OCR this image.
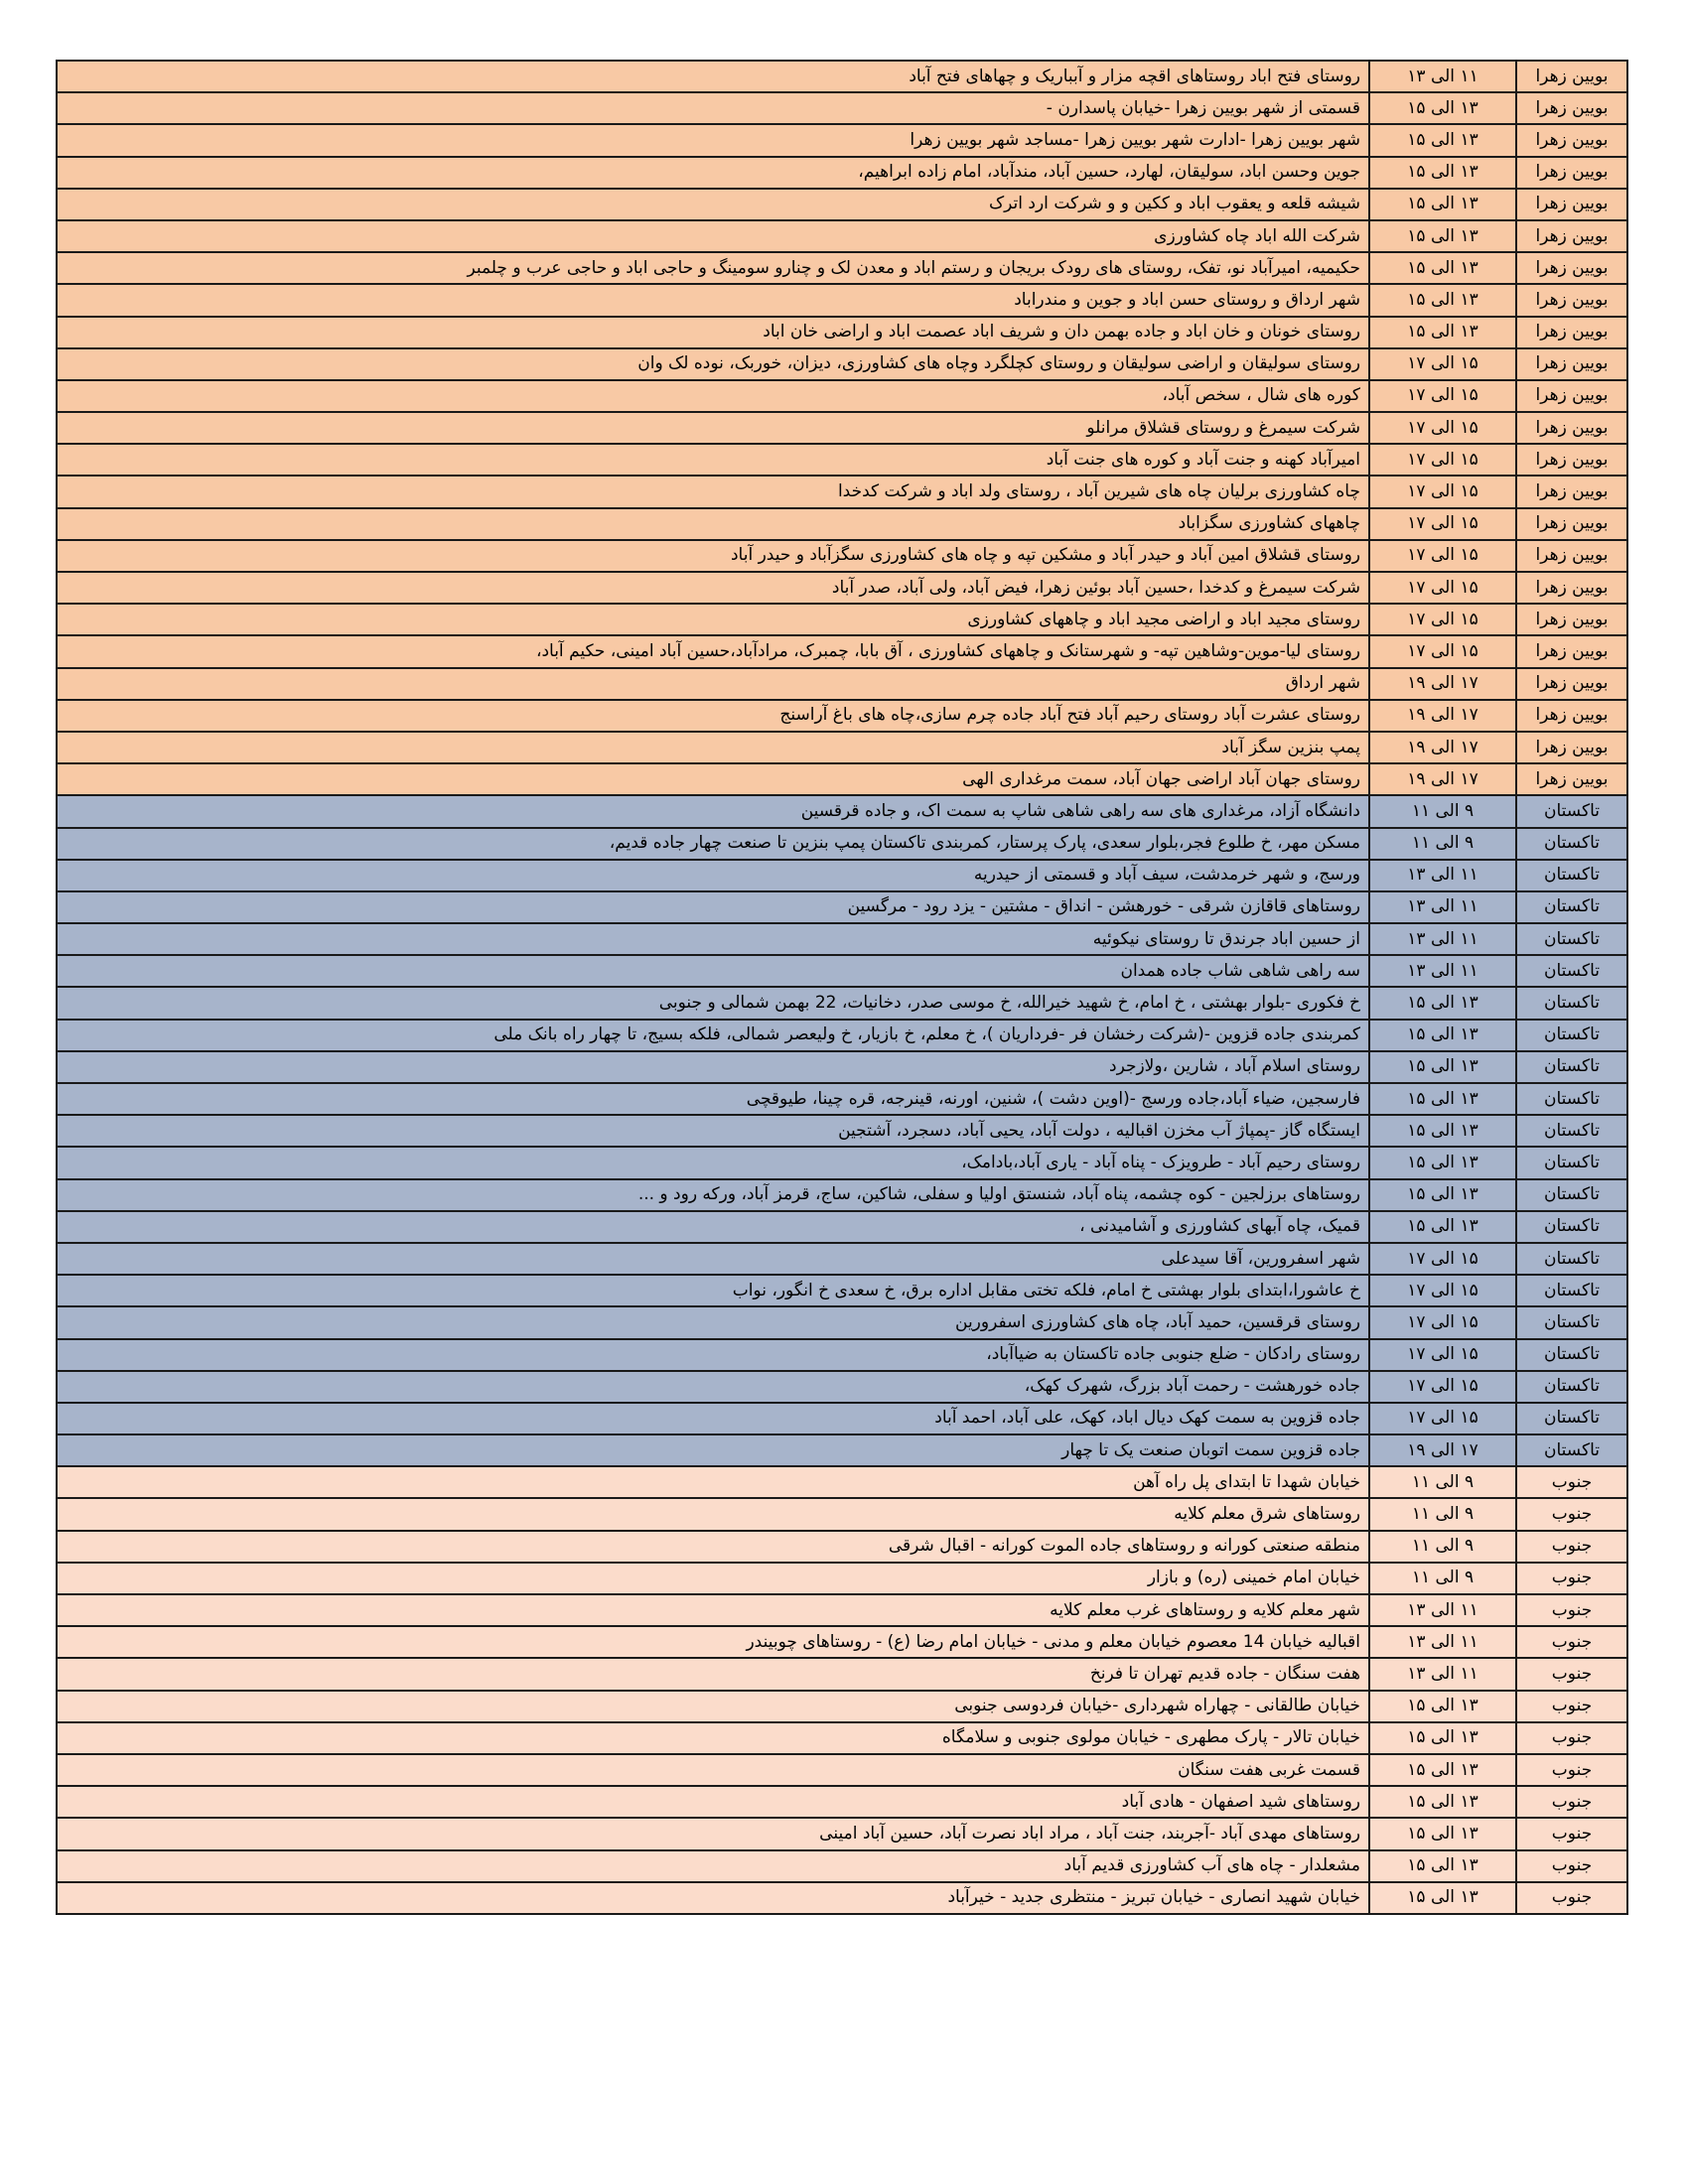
بویین زهرا	۱۱ الی ۱۳	روستای فتح اباد روستاهای اقچه مزار و آبباریک و چهاهای فتح آباد
بویین زهرا	۱۳ الی ۱۵	قسمتی از شهر بویین زهرا -خیابان پاسدارن -
بویین زهرا	۱۳ الی ۱۵	شهر بویین زهرا -ادارت شهر بویین زهرا -مساجد شهر بویین زهرا
بویین زهرا	۱۳ الی ۱۵	جوین وحسن اباد، سولیقان، لهارد، حسین آباد، مندآباد، امام زاده ابراهیم،
بویین زهرا	۱۳ الی ۱۵	شیشه قلعه و یعقوب اباد و ککین و و شرکت ارد اترک
بویین زهرا	۱۳ الی ۱۵	شرکت الله اباد چاه کشاورزی
بویین زهرا	۱۳ الی ۱۵	حکیمیه، امیرآباد نو، تفک، روستای های رودک بریجان و رستم اباد و معدن لک و چنارو سومینگ و حاجی اباد و حاجی عرب و چلمبر
بویین زهرا	۱۳ الی ۱۵	شهر ارداق و روستای حسن اباد و جوین و مندراباد
بویین زهرا	۱۳ الی ۱۵	روستای خونان و خان اباد و جاده بهمن دان و شریف اباد عصمت اباد و اراضی خان اباد
بویین زهرا	۱۵ الی ۱۷	روستای سولیقان و اراضی سولیقان و روستای کچلگرد وچاه های کشاورزی، دیزان، خوربک، نوده لک وان
بویین زهرا	۱۵ الی ۱۷	کوره های شال ، سخص آباد،
بویین زهرا	۱۵ الی ۱۷	شرکت سیمرغ و روستای قشلاق مرانلو
بویین زهرا	۱۵ الی ۱۷	امیرآباد کهنه و جنت آباد و کوره های جنت آباد
بویین زهرا	۱۵ الی ۱۷	چاه کشاورزی برلیان چاه های شیرین آباد ، روستای ولد اباد و شرکت کدخدا
بویین زهرا	۱۵ الی ۱۷	چاههای کشاورزی سگزاباد
بویین زهرا	۱۵ الی ۱۷	روستای قشلاق امین آباد و حیدر آباد و مشکین تپه و چاه های کشاورزی سگزآباد و حیدر آباد
بویین زهرا	۱۵ الی ۱۷	شرکت سیمرغ و کدخدا ،حسین آباد بوئین زهرا، فیض آباد، ولی آباد، صدر آباد
بویین زهرا	۱۵ الی ۱۷	روستای مجید اباد و اراضی مجید اباد و چاههای کشاورزی
بویین زهرا	۱۵ الی ۱۷	روستای لیا-موین-وشاهین تپه- و شهرستانک و چاههای کشاورزی ، آق بابا، چمبرک، مرادآباد،حسین آباد امینی، حکیم آباد،
بویین زهرا	۱۷ الی ۱۹	شهر ارداق
بویین زهرا	۱۷ الی ۱۹	روستای عشرت آباد روستای رحیم آباد فتح آباد جاده چرم سازی،چاه های باغ آراسنج
بویین زهرا	۱۷ الی ۱۹	پمپ بنزین سگز آباد
بویین زهرا	۱۷ الی ۱۹	روستای جهان آباد اراضی جهان آباد، سمت مرغداری الهی
تاکستان	۹ الی ۱۱	دانشگاه آزاد، مرغداری های سه راهی شاهی شاپ به سمت اک، و جاده قرقسین
تاکستان	۹ الی ۱۱	مسکن مهر، خ طلوع فجر،بلوار سعدی، پارک پرستار، کمربندی تاکستان پمپ بنزین تا صنعت چهار جاده قدیم،
تاکستان	۱۱ الی ۱۳	ورسج، و شهر خرمدشت، سیف آباد و قسمتی از حیدریه
تاکستان	۱۱ الی ۱۳	روستاهای قاقازن شرقی - خورهشن - انداق - مشتین - یزد رود - مرگسین
تاکستان	۱۱ الی ۱۳	از حسین اباد جرندق تا روستای نیکوئیه
تاکستان	۱۱ الی ۱۳	سه راهی شاهی شاب جاده همدان
تاکستان	۱۳ الی ۱۵	خ فکوری -بلوار بهشتی ، خ امام، خ شهید خیرالله، خ موسی صدر، دخانیات، 22 بهمن شمالی و جنوبی
تاکستان	۱۳ الی ۱۵	کمربندی جاده قزوین -(شرکت رخشان فر -فرداریان )، خ معلم، خ بازیار، خ ولیعصر شمالی، فلکه بسیج، تا چهار راه بانک ملی
تاکستان	۱۳ الی ۱۵	روستای اسلام آباد ، شارین ،ولازجرد
تاکستان	۱۳ الی ۱۵	فارسجین، ضیاء آباد،جاده ورسج -(اوین دشت )، شنین، اورنه، قینرجه، قره چینا، طیوقچی
تاکستان	۱۳ الی ۱۵	ایستگاه گاز -پمپاژ آب مخزن اقبالیه ، دولت آباد، یحیی آباد، دسجرد، آشتجین
تاکستان	۱۳ الی ۱۵	روستای رحیم آباد - طرویزک - پناه آباد - یاری آباد،بادامک،
تاکستان	۱۳ الی ۱۵	روستاهای برزلجین - کوه چشمه، پناه آباد، شنستق اولیا و سفلی، شاکین، ساج، قرمز آباد، ورکه رود و ...
تاکستان	۱۳ الی ۱۵	قمیک، چاه آبهای کشاورزی و آشامیدنی ،
تاکستان	۱۵ الی ۱۷	شهر اسفرورین، آقا سیدعلی
تاکستان	۱۵ الی ۱۷	خ عاشورا،ابتدای بلوار بهشتی خ امام، فلکه تختی مقابل اداره برق، خ سعدی خ انگور، نواب
تاکستان	۱۵ الی ۱۷	روستای قرقسین، حمید آباد، چاه های کشاورزی اسفرورین
تاکستان	۱۵ الی ۱۷	روستای رادکان - ضلع جنوبی جاده تاکستان به ضیاآباد،
تاکستان	۱۵ الی ۱۷	جاده خورهشت - رحمت آباد بزرگ، شهرک کهک،
تاکستان	۱۵ الی ۱۷	جاده قزوین به سمت کهک دیال اباد، کهک، علی آباد، احمد آباد
تاکستان	۱۷ الی ۱۹	جاده قزوین سمت اتوبان صنعت یک تا چهار
جنوب	۹ الی ۱۱	خیابان شهدا تا ابتدای پل راه آهن
جنوب	۹ الی ۱۱	روستاهای شرق معلم کلایه
جنوب	۹ الی ۱۱	منطقه صنعتی کورانه و روستاهای جاده الموت کورانه - اقبال شرقی
جنوب	۹ الی ۱۱	خیابان امام خمینی (ره) و بازار
جنوب	۱۱ الی ۱۳	شهر معلم کلایه و روستاهای غرب معلم کلایه
جنوب	۱۱ الی ۱۳	اقبالیه خیابان 14 معصوم خیابان معلم و مدنی - خیابان امام رضا (ع) - روستاهای چوبیندر
جنوب	۱۱ الی ۱۳	هفت سنگان - جاده قدیم تهران تا فرنخ
جنوب	۱۳ الی ۱۵	خیابان طالقانی - چهاراه شهرداری -خیابان فردوسی جنوبی
جنوب	۱۳ الی ۱۵	خیابان تالار - پارک مطهری - خیابان مولوی جنوبی و سلامگاه
جنوب	۱۳ الی ۱۵	قسمت غربی هفت سنگان
جنوب	۱۳ الی ۱۵	روستاهای شید اصفهان - هادی آباد
جنوب	۱۳ الی ۱۵	روستاهای مهدی آباد -آجربند، جنت آباد ، مراد اباد نصرت آباد، حسین آباد امینی
جنوب	۱۳ الی ۱۵	مشعلدار - چاه های آب کشاورزی قدیم آباد
جنوب	۱۳ الی ۱۵	خیابان شهید انصاری - خیابان تبریز - منتظری جدید - خیرآباد
